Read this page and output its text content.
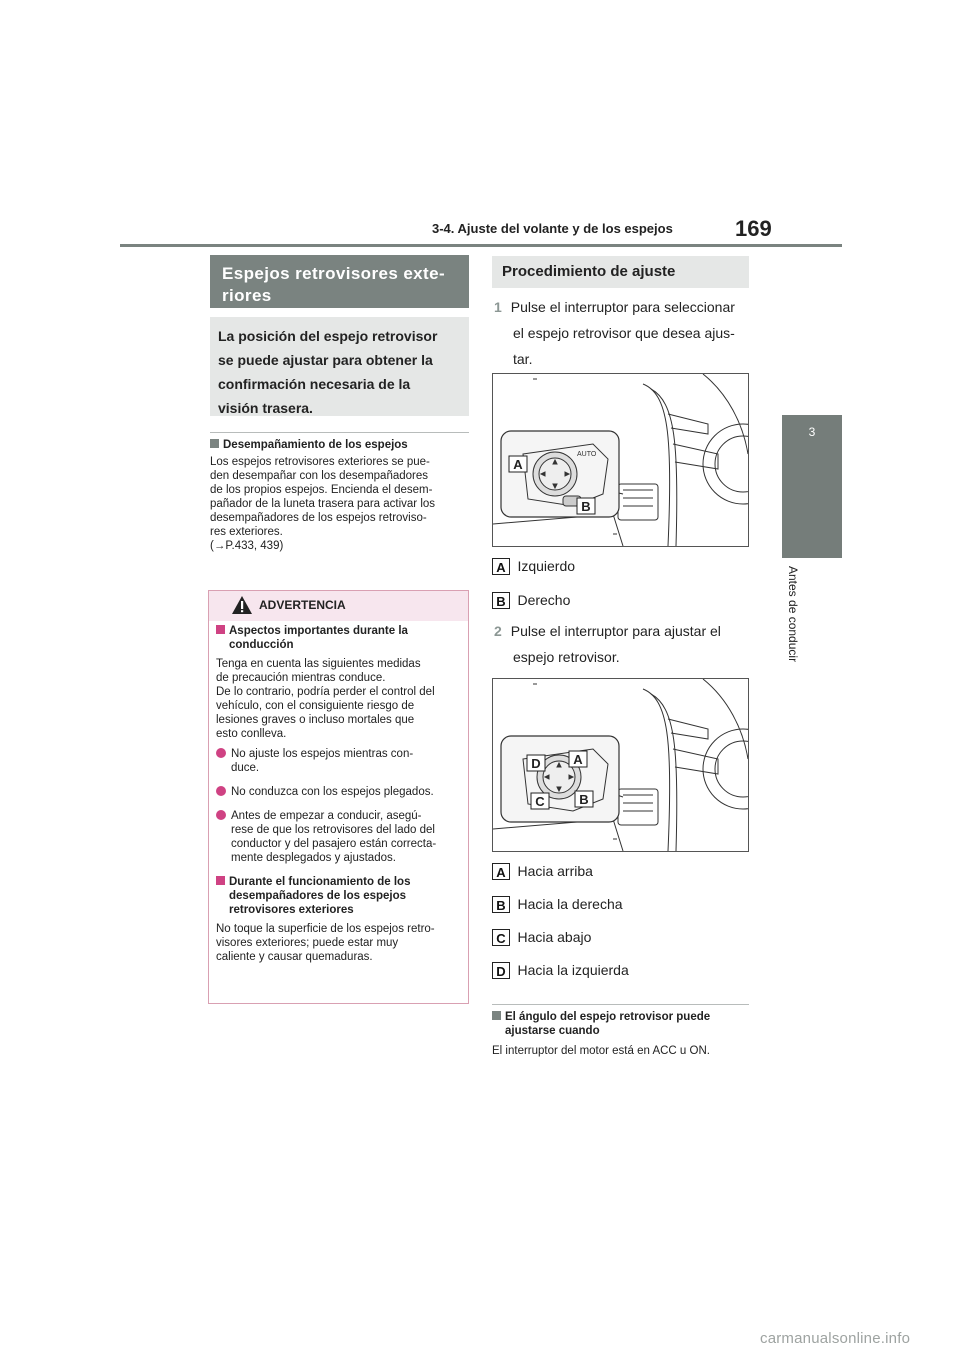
3-4. Ajuste del volante y de los espejos	169
3
Antes de conducir
Espejos retrovisores exte-
riores
La posición del espejo retrovisor
se puede ajustar para obtener la
confirmación necesaria de la
visión trasera.
Desempañamiento de los espejos
Los espejos retrovisores exteriores se pue-
den desempañar con los desempañadores
de los propios espejos. Encienda el desem-
pañador de la luneta trasera para activar los
desempañadores de los espejos retroviso-
res exteriores.
(→P.433, 439)
ADVERTENCIA
Aspectos importantes durante la
conducción
Tenga en cuenta las siguientes medidas
de precaución mientras conduce.
De lo contrario, podría perder el control del
vehículo, con el consiguiente riesgo de
lesiones graves o incluso mortales que
esto conlleva.
No ajuste los espejos mientras con-
duce.
No conduzca con los espejos plegados.
Antes de empezar a conducir, asegú-
rese de que los retrovisores del lado del
conductor y del pasajero están correcta-
mente desplegados y ajustados.
Durante el funcionamiento de los
desempañadores de los espejos
retrovisores exteriores
No toque la superficie de los espejos retro-
visores exteriores; puede estar muy
caliente y causar quemaduras.
Procedimiento de ajuste
1 Pulse el interruptor para seleccionar
el espejo retrovisor que desea ajus-
tar.
AUTO
A
B
A Izquierdo
B Derecho
2 Pulse el interruptor para ajustar el
espejo retrovisor.
D	A
C	B
A Hacia arriba
B Hacia la derecha
C Hacia abajo
D Hacia la izquierda
El ángulo del espejo retrovisor puede
ajustarse cuando
El interruptor del motor está en ACC u ON.
carmanualsonline.info
